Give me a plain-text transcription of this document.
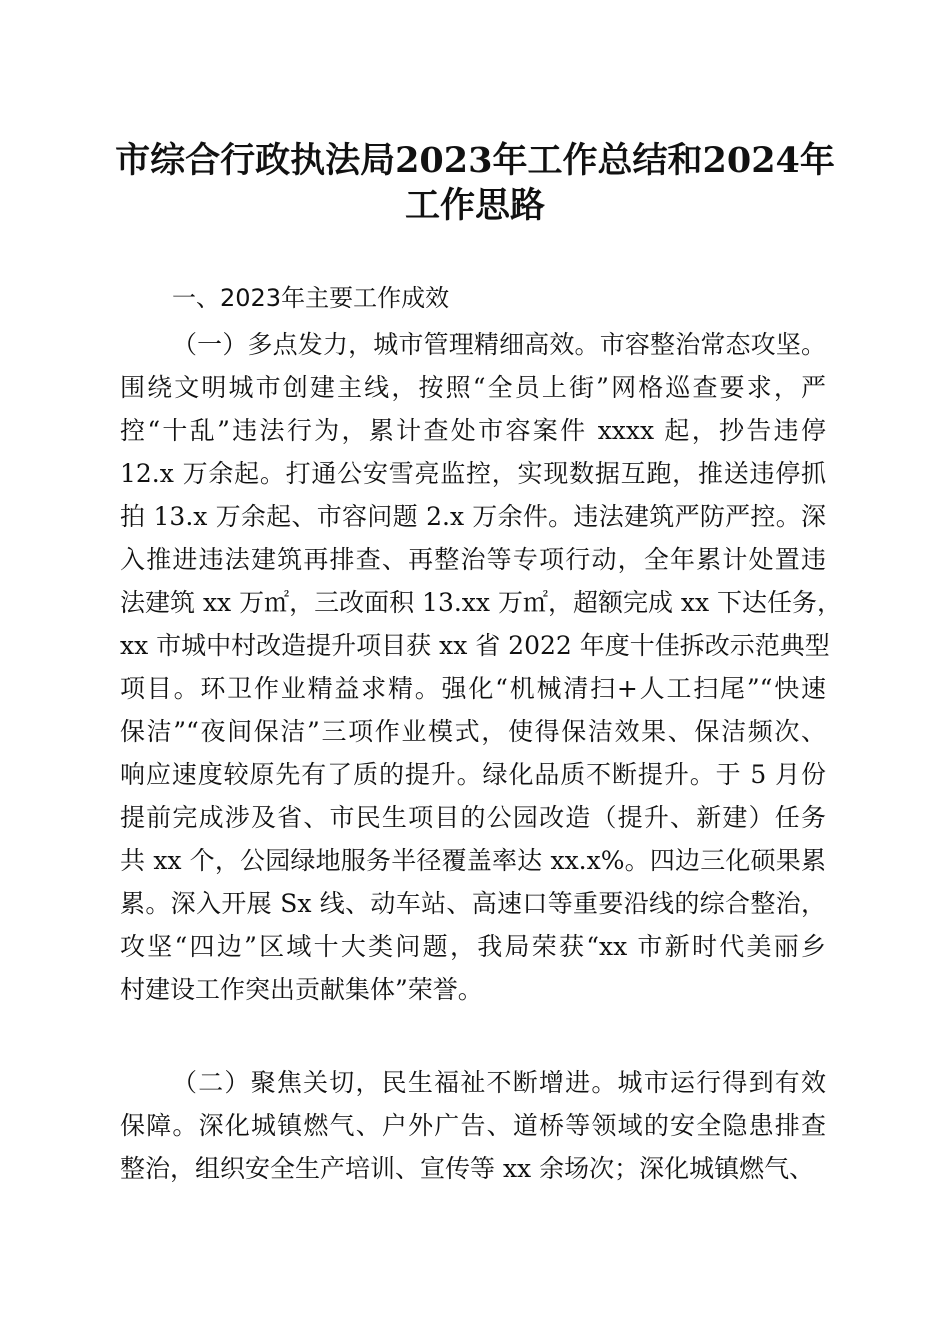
市综合行政执法局2023年工作总结和2024年
工作思路
一、2023年主要工作成效
（一）多点发力，城市管理精细高效。市容整治常态攻坚。
围绕文明城市创建主线，按照“全员上街”网格巡查要求，严
控“十乱”违法行为，累计查处市容案件 xxxx 起，抄告违停
12.x 万余起。打通公安雪亮监控，实现数据互跑，推送违停抓
拍 13.x 万余起、市容问题 2.x 万余件。违法建筑严防严控。深
入推进违法建筑再排查、再整治等专项行动，全年累计处置违
法建筑 xx 万㎡，三改面积 13.xx 万㎡，超额完成 xx 下达任务，
xx 市城中村改造提升项目获 xx 省 2022 年度十佳拆改示范典型
项目。环卫作业精益求精。强化“机械清扫+人工扫尾”“快速
保洁”“夜间保洁”三项作业模式，使得保洁效果、保洁频次、
响应速度较原先有了质的提升。绿化品质不断提升。于 5 月份
提前完成涉及省、市民生项目的公园改造（提升、新建）任务
共 xx 个，公园绿地服务半径覆盖率达 xx.x%。四边三化硕果累
累。深入开展 Sx 线、动车站、高速口等重要沿线的综合整治，
攻坚“四边”区域十大类问题，我局荣获“xx 市新时代美丽乡
村建设工作突出贡献集体”荣誉。
（二）聚焦关切，民生福祉不断增进。城市运行得到有效
保障。深化城镇燃气、户外广告、道桥等领域的安全隐患排查
整治，组织安全生产培训、宣传等 xx 余场次；深化城镇燃气、
